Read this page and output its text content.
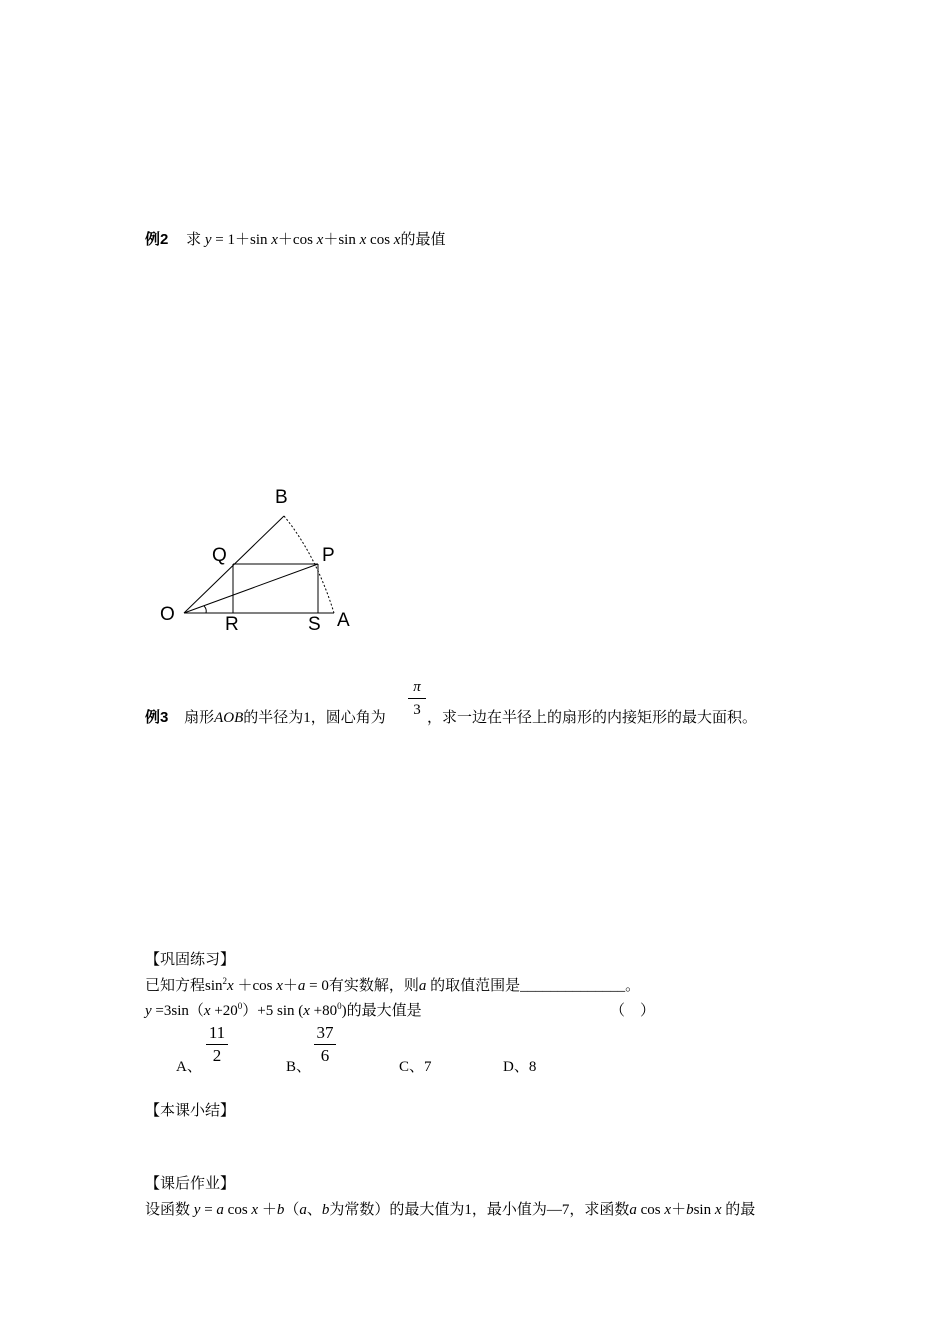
例2 求 y = 1＋sin x＋cos x＋sin x cos x的最值
B
Q	P
O	R	S A
例3 扇形AOB的半径为1，圆心角为
π
3 ，求一边在半径上的扇形的内接矩形的最大面积。
【巩固练习】
已知方程$\sin^2x +\cos$ x＋a = 0有实数解，则a 的取值范围是______________。
$y =3\sin(x +20^0)+5$ $\sin (x +80^0)$的最大值是	（　）
A、
11
2
B、
37
6
C、7	D、8
【本课小结】
【课后作业】
设函数 y = a cos x ＋b（a、b为常数）的最大值为1，最小值为—7，求函数a cos x＋bsin x 的最
